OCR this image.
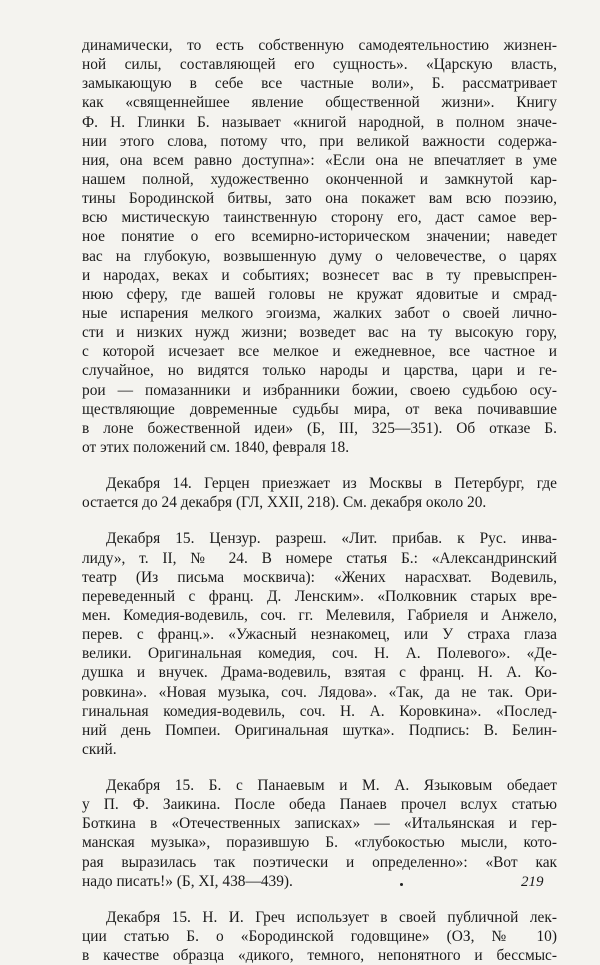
динамически, то есть собственную самодеятельностию жизнен-
ной силы, составляющей его сущность». «Царскую власть,
замыкающую в себе все частные воли», Б. рассматривает
как «священнейшее явление общественной жизни». Книгу
Ф. Н. Глинки Б. называет «книгой народной, в полном значе-
нии этого слова, потому что, при великой важности содержа-
ния, она всем равно доступна»: «Если она не впечатляет в уме
нашем полной, художественно оконченной и замкнутой кар-
тины Бородинской битвы, зато она покажет вам всю поэзию,
всю мистическую таинственную сторону его, даст самое вер-
ное понятие о его всемирно-историческом значении; наведет
вас на глубокую, возвышенную думу о человечестве, о царях
и народах, веках и событиях; вознесет вас в ту превыспрен-
нюю сферу, где вашей головы не кружат ядовитые и смрад-
ные испарения мелкого эгоизма, жалких забот о своей лично-
сти и низких нужд жизни; возведет вас на ту высокую гору,
с которой исчезает все мелкое и ежедневное, все частное и
случайное, но видятся только народы и царства, цари и ге-
рои — помазанники и избранники божии, своею судьбою осу-
ществляющие довременные судьбы мира, от века почивавшие
в лоне божественной идеи» (Б, III, 325—351). Об отказе Б.
от этих положений см. 1840, февраля 18.
Декабря 14. Герцен приезжает из Москвы в Петербург, где
остается до 24 декабря (ГЛ, XXII, 218). См. декабря около 20.
Декабря 15. Цензур. разреш. «Лит. прибав. к Рус. инва-
лиду», т. II, № 24. В номере статья Б.: «Александринский
театр (Из письма москвича): «Жених нарасхват. Водевиль,
переведенный с франц. Д. Ленским». «Полковник старых вре-
мен. Комедия-водевиль, соч. гг. Мелевиля, Габриеля и Анжело,
перев. с франц.». «Ужасный незнакомец, или У страха глаза
велики. Оригинальная комедия, соч. Н. А. Полевого». «Де-
душка и внучек. Драма-водевиль, взятая с франц. Н. А. Ко-
ровкина». «Новая музыка, соч. Лядова». «Так, да не так. Ори-
гинальная комедия-водевиль, соч. Н. А. Коровкина». «Послед-
ний день Помпеи. Оригинальная шутка». Подпись: В. Белин-
ский.
Декабря 15. Б. с Панаевым и М. А. Языковым обедает
у П. Ф. Заикина. После обеда Панаев прочел вслух статью
Боткина в «Отечественных записках» — «Итальянская и гер-
манская музыка», поразившую Б. «глубокостью мысли, кото-
рая выразилась так поэтически и определенно»: «Вот как
надо писать!» (Б, XI, 438—439).
Декабря 15. Н. И. Греч использует в своей публичной лек-
ции статью Б. о «Бородинской годовщине» (ОЗ, № 10)
в качестве образца «дикого, темного, непонятного и бессмыс-
219
